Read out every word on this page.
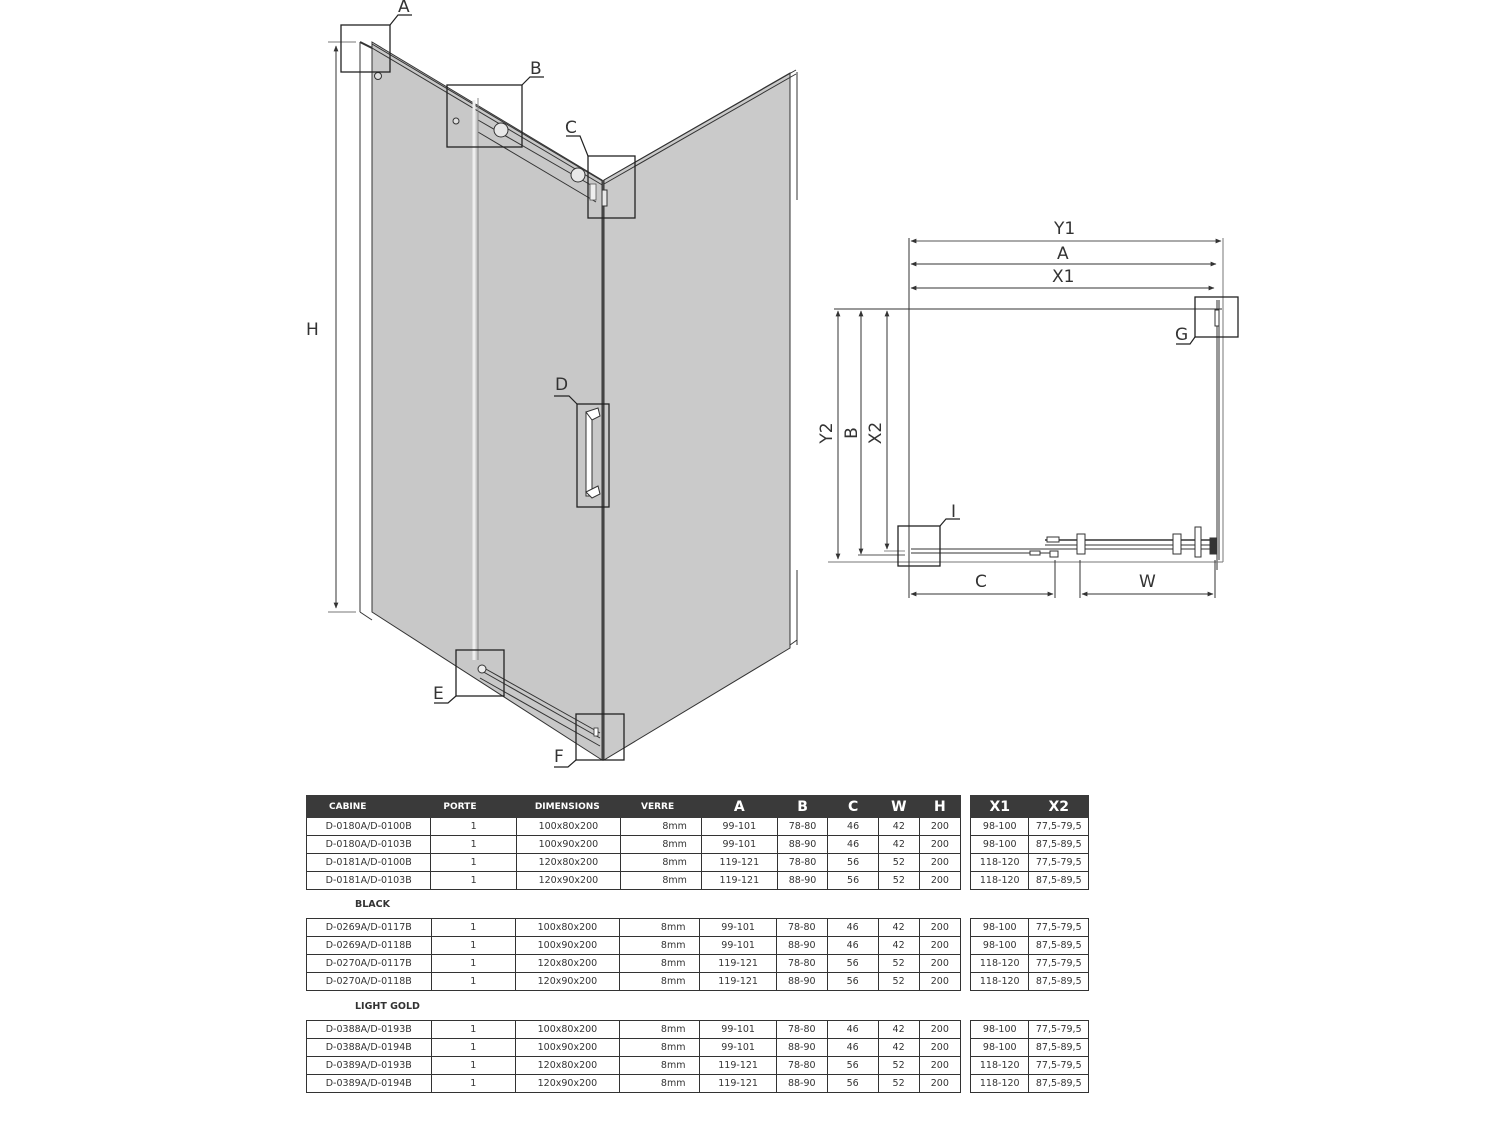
H
A
B
C
D
E
F
Y1
A
X1
Y2 B X2
G
I
C	W
CABINE	PORTE	DIMENSIONS	VERRE	A	B	C	W	H
D-0180A/D-0100B	1	100x80x200	8mm	99-101	78-80	46	42	200
D-0180A/D-0103B	1	100x90x200	8mm	99-101	88-90	46	42	200
D-0181A/D-0100B	1	120x80x200	8mm	119-121	78-80	56	52	200
D-0181A/D-0103B	1	120x90x200	8mm	119-121	88-90	56	52	200
X1	X2
98-100	77,5-79,5
98-100	87,5-89,5
118-120	77,5-79,5
118-120	87,5-89,5
BLACK
D-0269A/D-0117B	1	100x80x200	8mm	99-101	78-80	46	42	200
D-0269A/D-0118B	1	100x90x200	8mm	99-101	88-90	46	42	200
D-0270A/D-0117B	1	120x80x200	8mm	119-121	78-80	56	52	200
D-0270A/D-0118B	1	120x90x200	8mm	119-121	88-90	56	52	200
98-100	77,5-79,5
98-100	87,5-89,5
118-120	77,5-79,5
118-120	87,5-89,5
LIGHT GOLD
D-0388A/D-0193B	1	100x80x200	8mm	99-101	78-80	46	42	200
D-0388A/D-0194B	1	100x90x200	8mm	99-101	88-90	46	42	200
D-0389A/D-0193B	1	120x80x200	8mm	119-121	78-80	56	52	200
D-0389A/D-0194B	1	120x90x200	8mm	119-121	88-90	56	52	200
98-100	77,5-79,5
98-100	87,5-89,5
118-120	77,5-79,5
118-120	87,5-89,5
